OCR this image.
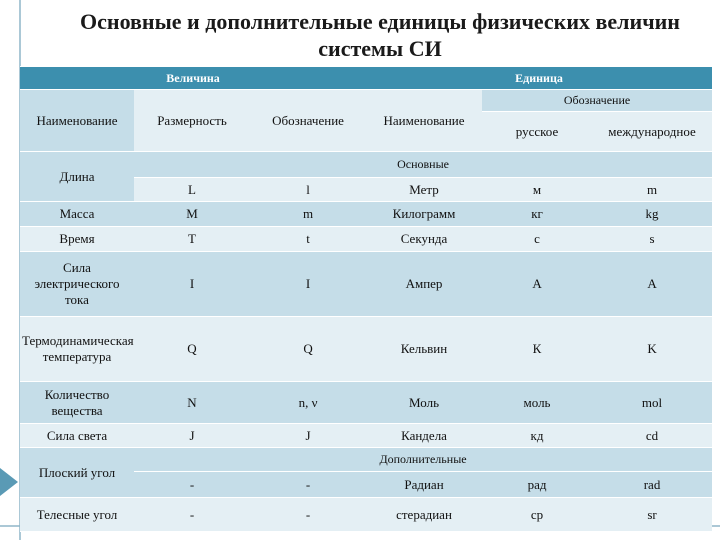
Основные и дополнительные единицы физических величин системы СИ
Величина			Единица		
Наименование	Размерность	Обозначение	Наименование	Обозначение	
				русское	международное
Длина	Основные				
	L	l	Метр	м	m
Масса	M	m	Килограмм	кг	kg
Время	T	t	Секунда	с	s
Сила электрического тока	I	I	Ампер	А	A
Термодинамическая температура	Q	Q	Кельвин	К	K
Количество вещества	N	n, ν	Моль	моль	mol
Сила света	J	J	Кандела	кд	cd
Плоский угол	Дополнительные				
	-	-	Радиан	рад	rad
Телесные угол	-	-	стерадиан	ср	sr
